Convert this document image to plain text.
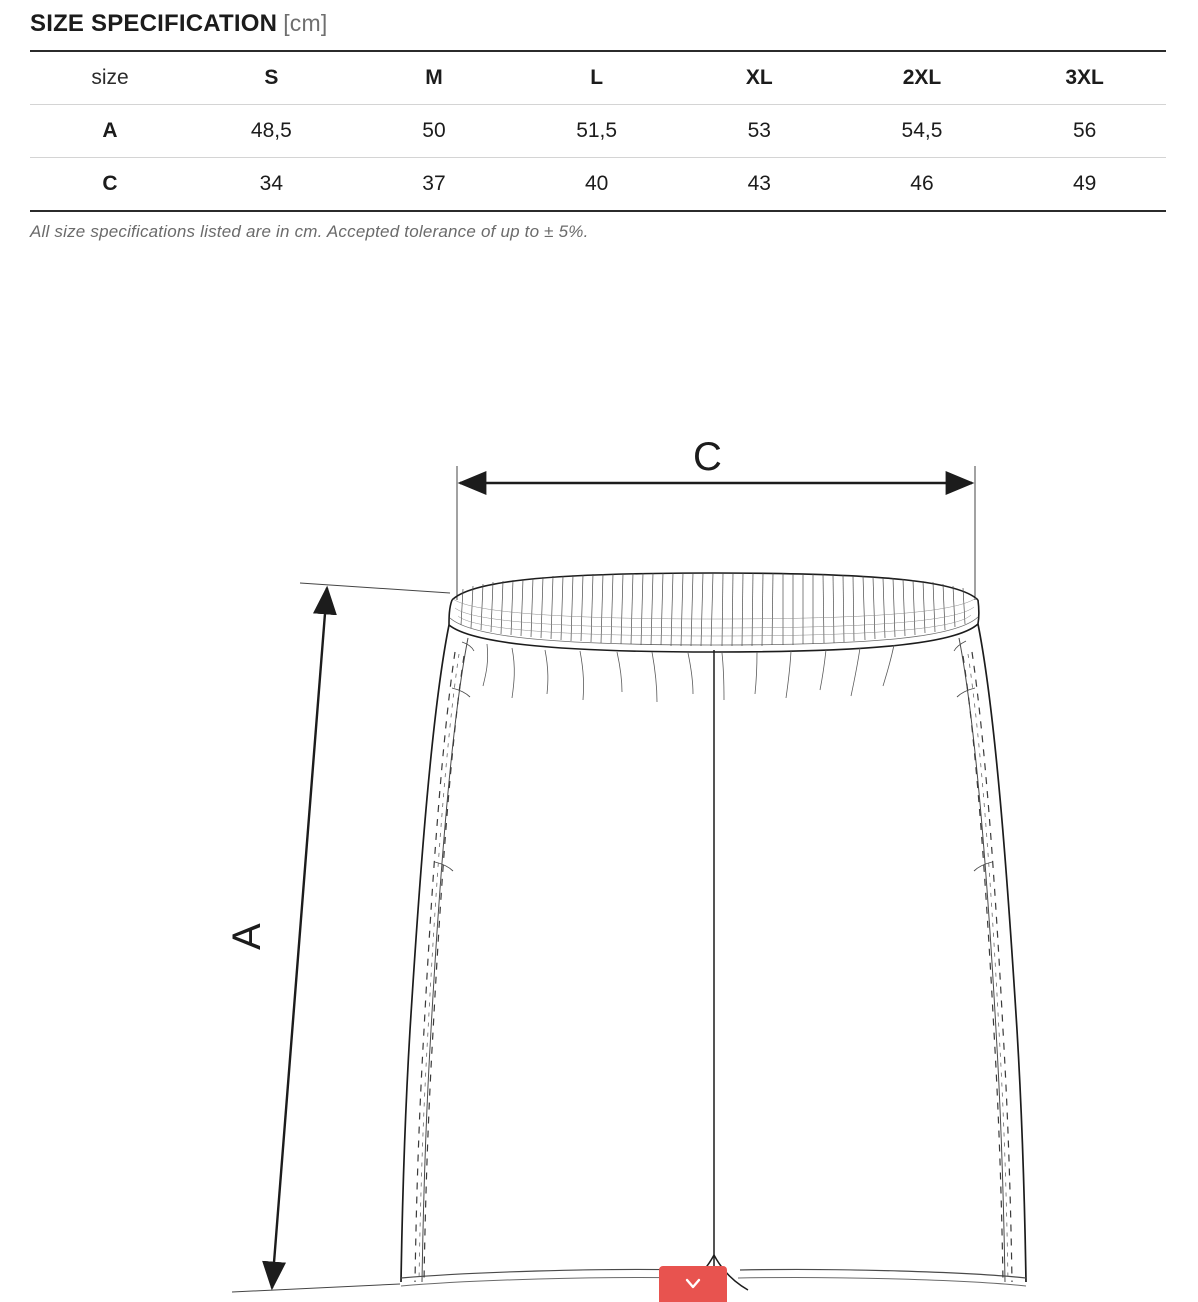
SIZE SPECIFICATION [cm]
size	S	M	L	XL	2XL	3XL
A	48,5	50	51,5	53	54,5	56
C	34	37	40	43	46	49
All size specifications listed are in cm. Accepted tolerance of up to ± 5%.
C
A
